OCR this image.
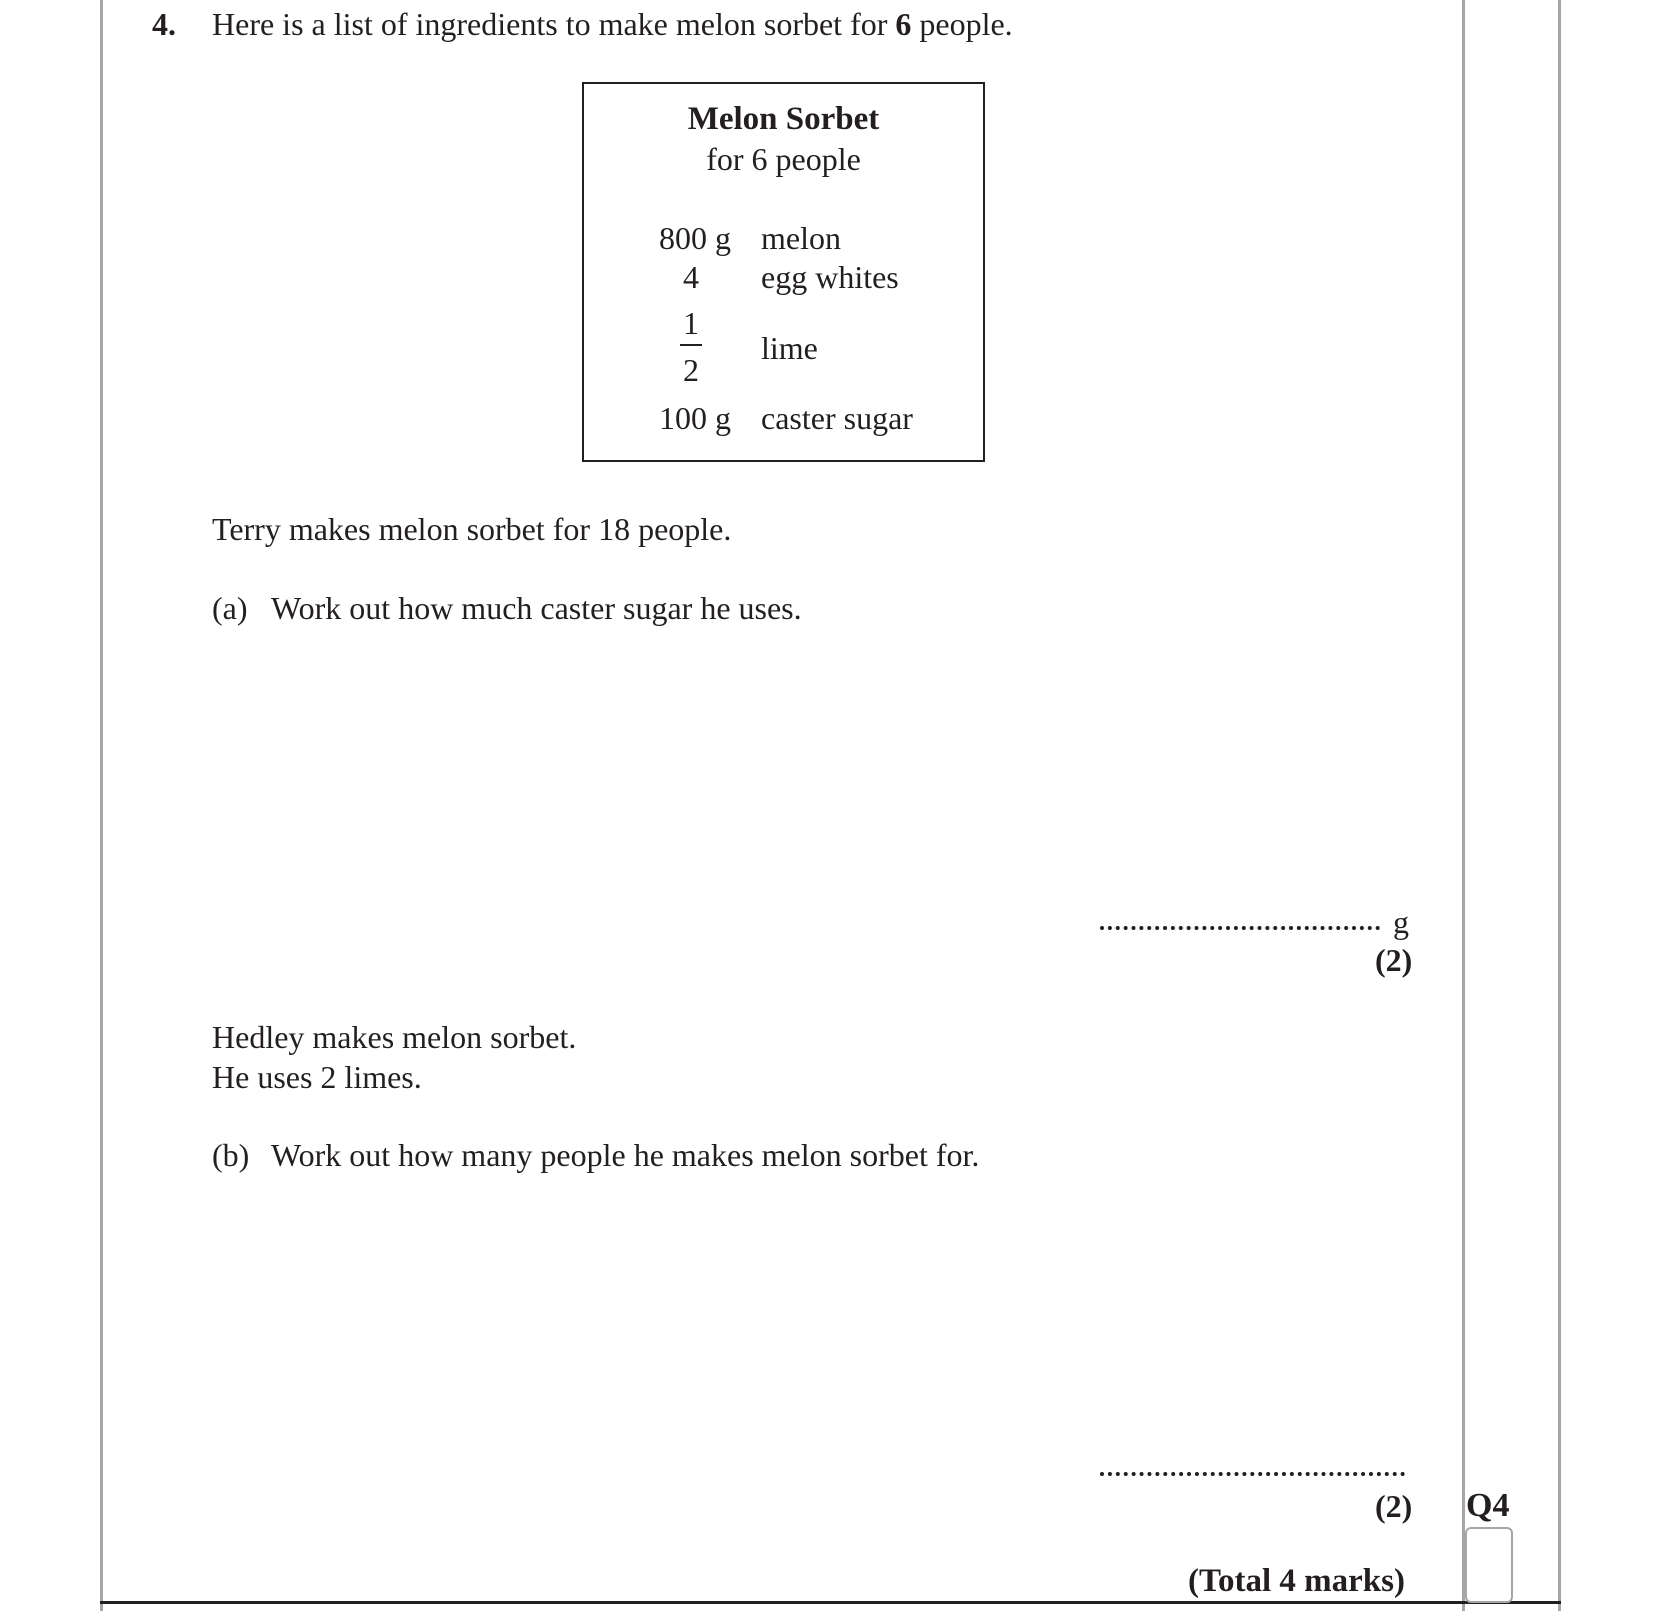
4. Here is a list of ingredients to make melon sorbet for 6 people.
Melon Sorbet
for 6 people
800 g melon
4	egg whites
1
2
lime
100 g caster sugar
Terry makes melon sorbet for 18 people.
(a) Work out how much caster sugar he uses.
g
(2)
Hedley makes melon sorbet.
He uses 2 limes.
(b) Work out how many people he makes melon sorbet for.
(2) Q4
(Total 4 marks)
